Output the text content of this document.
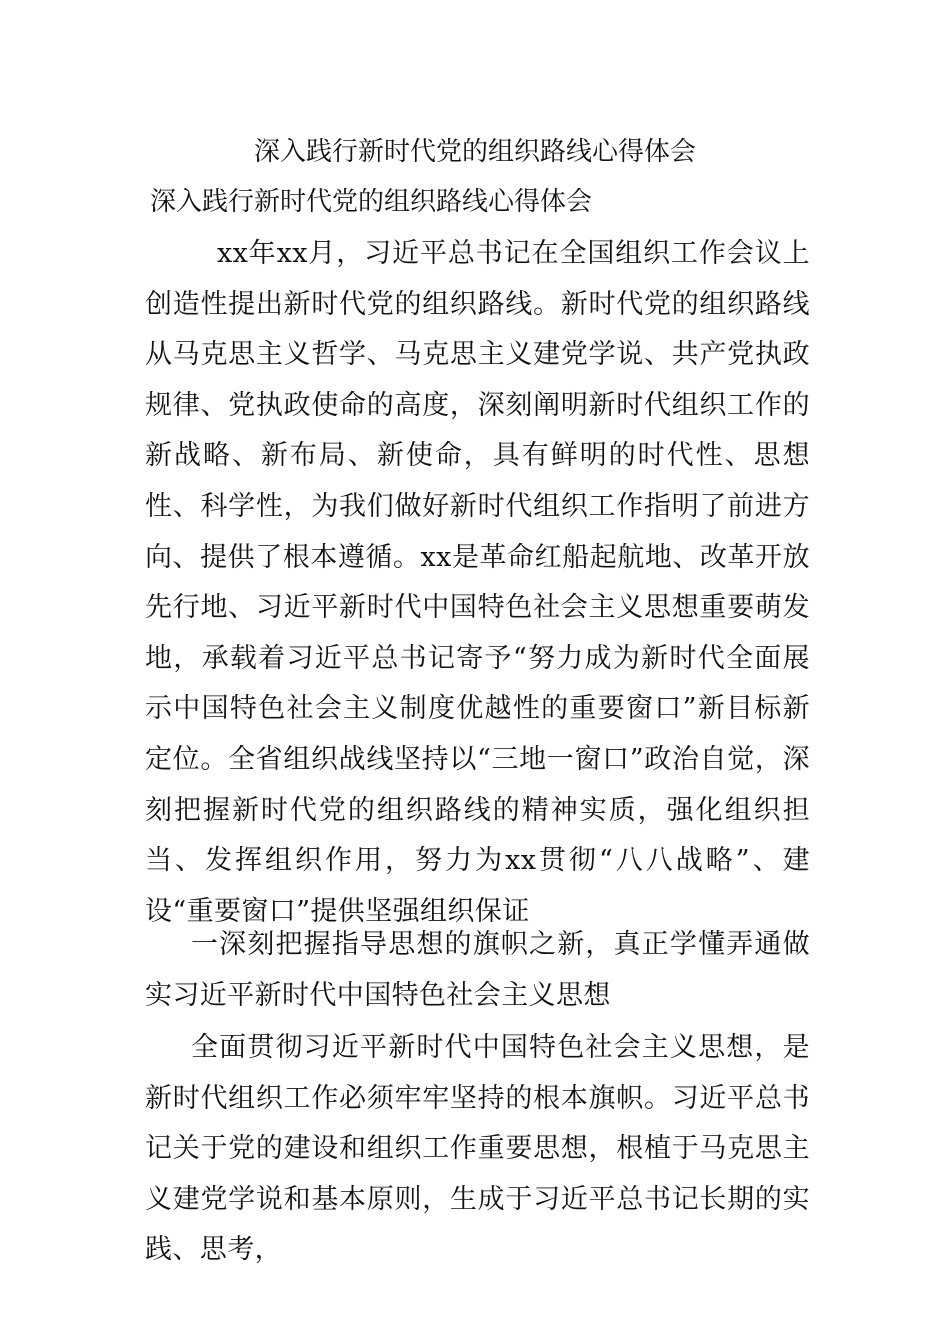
深入践行新时代党的组织路线心得体会
深入践行新时代党的组织路线心得体会

xx年xx月，习近平总书记在全国组织工作会议上创造性提出新时代党的组织路线。新时代党的组织路线从马克思主义哲学、马克思主义建党学说、共产党执政规律、党执政使命的高度，深刻阐明新时代组织工作的新战略、新布局、新使命，具有鲜明的时代性、思想性、科学性，为我们做好新时代组织工作指明了前进方向、提供了根本遵循。xx是革命红船起航地、改革开放先行地、习近平新时代中国特色社会主义思想重要萌发地，承载着习近平总书记寄予“努力成为新时代全面展示中国特色社会主义制度优越性的重要窗口”新目标新定位。全省组织战线坚持以“三地一窗口”政治自觉，深刻把握新时代党的组织路线的精神实质，强化组织担当、发挥组织作用，努力为xx贯彻“八八战略”、建设“重要窗口”提供坚强组织保证

一深刻把握指导思想的旗帜之新，真正学懂弄通做实习近平新时代中国特色社会主义思想

全面贯彻习近平新时代中国特色社会主义思想，是新时代组织工作必须牢牢坚持的根本旗帜。习近平总书记关于党的建设和组织工作重要思想，根植于马克思主义建党学说和基本原则，生成于习近平总书记长期的实践、思考，
